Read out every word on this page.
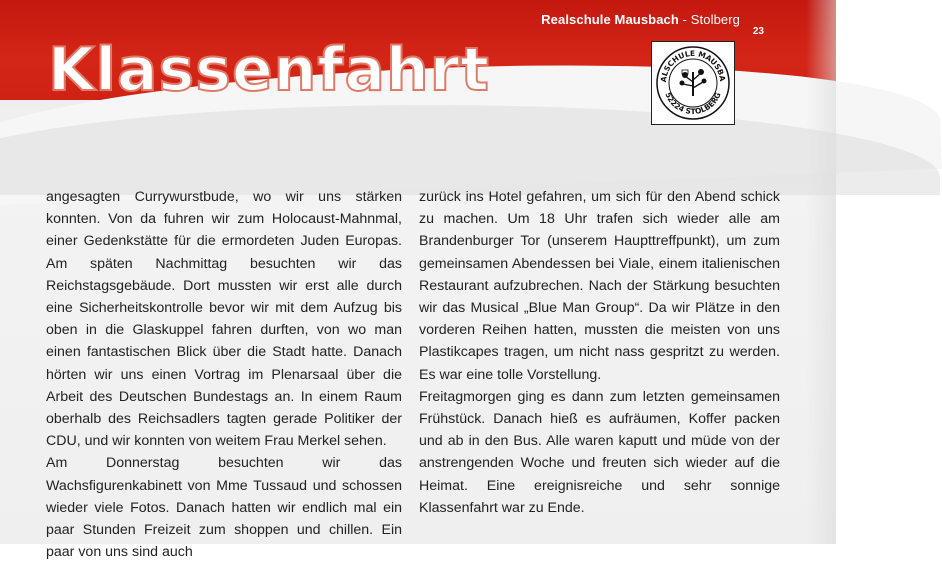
Realschule Mausbach - Stolberg
23
Klassenfahrt	ALSCHULE MAUSBA
52224 STOLBERG

angesagten Currywurstbude, wo wir uns stärken konnten. Von da fuhren wir zum Holocaust-Mahnmal, einer Gedenkstätte für die ermordeten Juden Europas. Am späten Nachmittag besuchten wir das Reichstagsgebäude. Dort mussten wir erst alle durch eine Sicherheitskontrolle bevor wir mit dem Aufzug bis oben in die Glaskuppel fahren durften, von wo man einen fantastischen Blick über die Stadt hatte. Danach hörten wir uns einen Vortrag im Plenarsaal über die Arbeit des Deutschen Bundestags an. In einem Raum oberhalb des Reichsadlers tagten gerade Politiker der CDU, und wir konnten von weitem Frau Merkel sehen.

Am Donnerstag besuchten wir das Wachsfigurenkabinett von Mme Tussaud und schossen wieder viele Fotos. Danach hatten wir endlich mal ein paar Stunden Freizeit zum shoppen und chillen. Ein paar von uns sind auch

zurück ins Hotel gefahren, um sich für den Abend schick zu machen. Um 18 Uhr trafen sich wieder alle am Brandenburger Tor (unserem Haupttreffpunkt), um zum gemeinsamen Abendessen bei Viale, einem italienischen Restaurant aufzubrechen. Nach der Stärkung besuchten wir das Musical „Blue Man Group“. Da wir Plätze in den vorderen Reihen hatten, mussten die meisten von uns Plastikcapes tragen, um nicht nass gespritzt zu werden. Es war eine tolle Vorstellung.

Freitagmorgen ging es dann zum letzten gemeinsamen Frühstück. Danach hieß es aufräumen, Koffer packen und ab in den Bus. Alle waren kaputt und müde von der anstrengenden Woche und freuten sich wieder auf die Heimat. Eine ereignisreiche und sehr sonnige Klassenfahrt war zu Ende.
